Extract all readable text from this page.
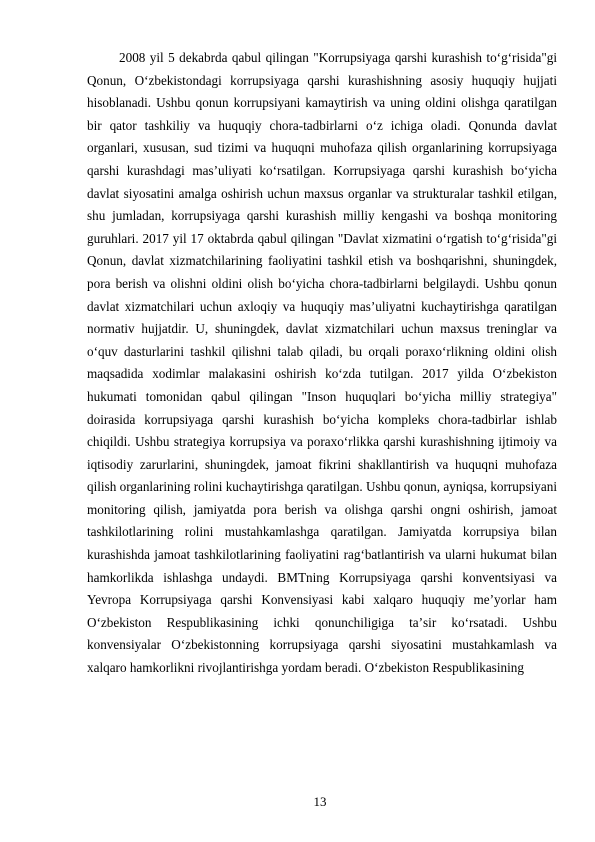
2008 yil 5 dekabrda qabul qilingan "Korrupsiyaga qarshi kurashish toʻgʻrisida"gi Qonun, Oʻzbekistondagi korrupsiyaga qarshi kurashishning asosiy huquqiy hujjati hisoblanadi. Ushbu qonun korrupsiyani kamaytirish va uning oldini olishga qaratilgan bir qator tashkiliy va huquqiy chora-tadbirlarni oʻz ichiga oladi. Qonunda davlat organlari, xususan, sud tizimi va huquqni muhofaza qilish organlarining korrupsiyaga qarshi kurashdagi masʼuliyati koʻrsatilgan. Korrupsiyaga qarshi kurashish boʻyicha davlat siyosatini amalga oshirish uchun maxsus organlar va strukturalar tashkil etilgan, shu jumladan, korrupsiyaga qarshi kurashish milliy kengashi va boshqa monitoring guruhlari. 2017 yil 17 oktabrda qabul qilingan "Davlat xizmatini oʻrgatish toʻgʻrisida"gi Qonun, davlat xizmatchilarining faoliyatini tashkil etish va boshqarishni, shuningdek, pora berish va olishni oldini olish boʻyicha chora-tadbirlarni belgilaydi. Ushbu qonun davlat xizmatchilari uchun axloqiy va huquqiy masʼuliyatni kuchaytirishga qaratilgan normativ hujjatdir. U, shuningdek, davlat xizmatchilari uchun maxsus treninglar va oʻquv dasturlarini tashkil qilishni talab qiladi, bu orqali poraxoʻrlikning oldini olish maqsadida xodimlar malakasini oshirish koʻzda tutilgan. 2017 yilda Oʻzbekiston hukumati tomonidan qabul qilingan "Inson huquqlari boʻyicha milliy strategiya" doirasida korrupsiyaga qarshi kurashish boʻyicha kompleks chora-tadbirlar ishlab chiqildi. Ushbu strategiya korrupsiya va poraxoʻrlikka qarshi kurashishning ijtimoiy va iqtisodiy zarurlarini, shuningdek, jamoat fikrini shakllantirish va huquqni muhofaza qilish organlarining rolini kuchaytirishga qaratilgan. Ushbu qonun, ayniqsa, korrupsiyani monitoring qilish, jamiyatda pora berish va olishga qarshi ongni oshirish, jamoat tashkilotlarining rolini mustahkamlashga qaratilgan. Jamiyatda korrupsiya bilan kurashishda jamoat tashkilotlarining faoliyatini ragʻbatlantirish va ularni hukumat bilan hamkorlikda ishlashga undaydi. BMTning Korrupsiyaga qarshi konventsiyasi va Yevropa Korrupsiyaga qarshi Konvensiyasi kabi xalqaro huquqiy meʼyorlar ham Oʻzbekiston Respublikasining ichki qonunchiligiga taʼsir koʻrsatadi. Ushbu konvensiyalar Oʻzbekistonning korrupsiyaga qarshi siyosatini mustahkamlash va xalqaro hamkorlikni rivojlantirishga yordam beradi. Oʻzbekiston Respublikasining

13
